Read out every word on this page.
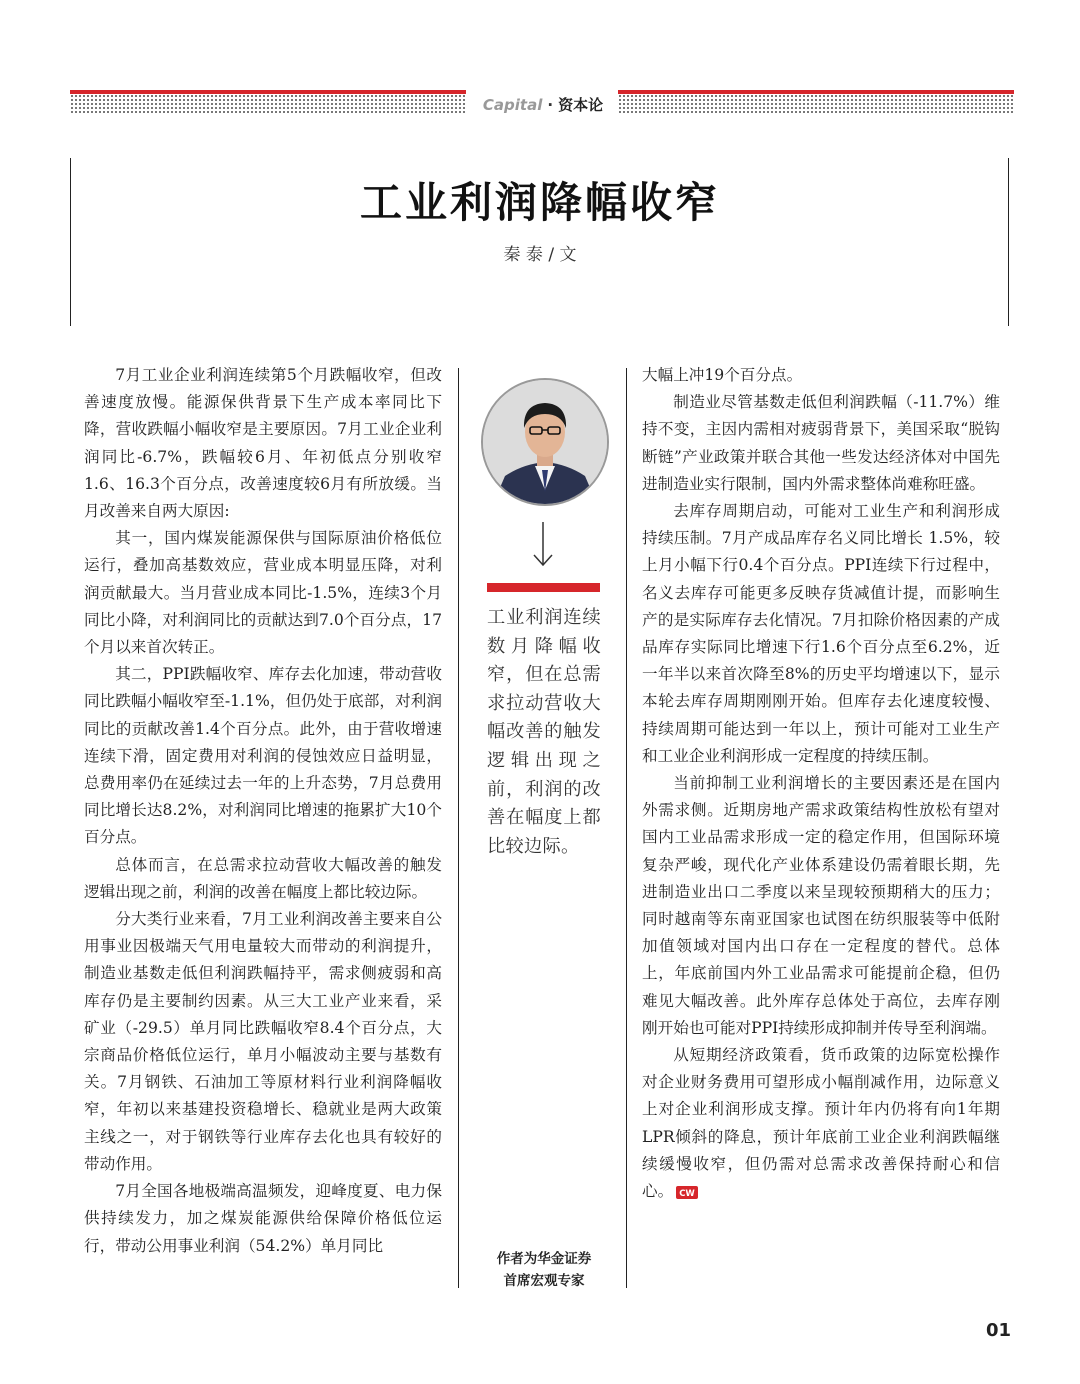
Capital · 资本论
工业利润降幅收窄
秦 泰 / 文

7月工业企业利润连续第5个月跌幅收窄，但改善速度放慢。能源保供背景下生产成本率同比下降，营收跌幅小幅收窄是主要原因。7月工业企业利润同比-6.7%，跌幅较6月、年初低点分别收窄1.6、16.3个百分点，改善速度较6月有所放缓。当月改善来自两大原因:

其一，国内煤炭能源保供与国际原油价格低位运行，叠加高基数效应，营业成本明显压降，对利润贡献最大。当月营业成本同比-1.5%，连续3个月同比小降，对利润同比的贡献达到7.0个百分点，17个月以来首次转正。

其二，PPI跌幅收窄、库存去化加速，带动营收同比跌幅小幅收窄至-1.1%，但仍处于底部，对利润同比的贡献改善1.4个百分点。此外，由于营收增速连续下滑，固定费用对利润的侵蚀效应日益明显，总费用率仍在延续过去一年的上升态势，7月总费用同比增长达8.2%，对利润同比增速的拖累扩大10个百分点。

总体而言，在总需求拉动营收大幅改善的触发逻辑出现之前，利润的改善在幅度上都比较边际。

分大类行业来看，7月工业利润改善主要来自公用事业因极端天气用电量较大而带动的利润提升，制造业基数走低但利润跌幅持平，需求侧疲弱和高库存仍是主要制约因素。从三大工业产业来看，采矿业（-29.5）单月同比跌幅收窄8.4个百分点，大宗商品价格低位运行，单月小幅波动主要与基数有关。7月钢铁、石油加工等原材料行业利润降幅收窄，年初以来基建投资稳增长、稳就业是两大政策主线之一，对于钢铁等行业库存去化也具有较好的带动作用。

7月全国各地极端高温频发，迎峰度夏、电力保供持续发力，加之煤炭能源供给保障价格低位运行，带动公用事业利润（54.2%）单月同比

工业利润连续数月降幅收窄，但在总需求拉动营收大幅改善的触发逻辑出现之前，利润的改善在幅度上都比较边际。
作者为华金证券
首席宏观专家

大幅上冲19个百分点。

制造业尽管基数走低但利润跌幅（-11.7%）维持不变，主因内需相对疲弱背景下，美国采取“脱钩断链”产业政策并联合其他一些发达经济体对中国先进制造业实行限制，国内外需求整体尚难称旺盛。

去库存周期启动，可能对工业生产和利润形成持续压制。7月产成品库存名义同比增长 1.5%，较上月小幅下行0.4个百分点。PPI连续下行过程中，名义去库存可能更多反映存货减值计提，而影响生产的是实际库存去化情况。7月扣除价格因素的产成品库存实际同比增速下行1.6个百分点至6.2%，近一年半以来首次降至8%的历史平均增速以下，显示本轮去库存周期刚刚开始。但库存去化速度较慢、持续周期可能达到一年以上，预计可能对工业生产和工业企业利润形成一定程度的持续压制。

当前抑制工业利润增长的主要因素还是在国内外需求侧。近期房地产需求政策结构性放松有望对国内工业品需求形成一定的稳定作用，但国际环境复杂严峻，现代化产业体系建设仍需着眼长期，先进制造业出口二季度以来呈现较预期稍大的压力；同时越南等东南亚国家也试图在纺织服装等中低附加值领域对国内出口存在一定程度的替代。总体上，年底前国内外工业品需求可能提前企稳，但仍难见大幅改善。此外库存总体处于高位，去库存刚刚开始也可能对PPI持续形成抑制并传导至利润端。

从短期经济政策看，货币政策的边际宽松操作对企业财务费用可望形成小幅削减作用，边际意义上对企业利润形成支撑。预计年内仍将有向1年期 LPR倾斜的降息，预计年底前工业企业利润跌幅继续缓慢收窄，但仍需对总需求改善保持耐心和信心。 CW

01
